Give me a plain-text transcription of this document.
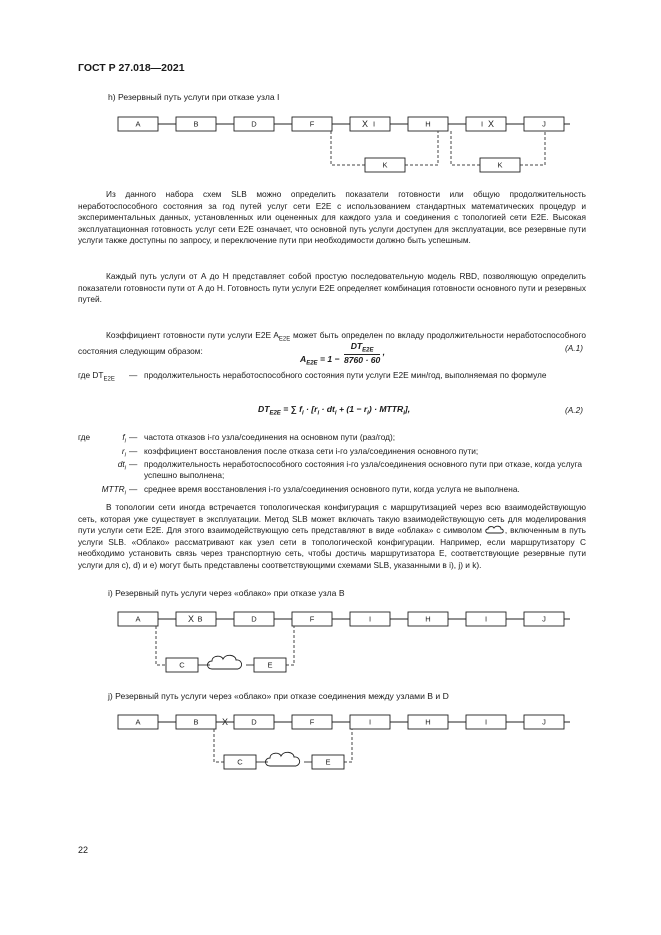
ГОСТ Р 27.018—2021
h) Резервный путь услуги при отказе узла I
A	B	D	F	I
X	H	I X	J
K	K

Из данного набора схем SLB можно определить показатели готовности или общую продолжительность неработоспособного состояния за год путей услуг сети E2E с использованием стандартных математических процедур и экспериментальных данных, установленных или оцененных для каждого узла и соединения с топологией сети E2E. Высокая эксплуатационная готовность услуг сети E2E означает, что основной путь услуги доступен для эксплуатации, все резервные пути услуги также доступны по запросу, и переключение пути при необходимости должно быть успешным.

Каждый путь услуги от A до H представляет собой простую последовательную модель RBD, позволяющую определить показатели готовности пути от A до H. Готовность пути услуги E2E определяет комбинация готовности основного пути и резервных путей.

Коэффициент готовности пути услуги E2E $A_{E2E}$ может быть определен по вкладу продолжительности неработоспособного состояния следующим образом:

$A_{E2E} = 1$ −
$DT_{E2E}$
8760 · 60
,	(A.1)
где $DT_{E2E}$	— продолжительность неработоспособного состояния пути услуги E2E мин/год, выполняемая по формуле
$DT_{E2E}$ = ∑ $f_i \cdot [r_i \cdot dt_i + (1 - r_i)$ · $MTTR_i$],	(A.2)
где	$f_i$ — частота отказов i-го узла/соединения на основном пути (раз/год);
$r_i$ — коэффициент восстановления после отказа сети i-го узла/соединения основного пути;
$dt_i$ — продолжительность неработоспособного состояния i-го узла/соединения основного пути при отказе, когда услуга успешно выполнена;
$MTTR_i$ — среднее время восстановления i-го узла/соединения основного пути, когда услуга не выполнена.

В топологии сети иногда встречается топологическая конфигурация с маршрутизацией через всю взаимодействующую сеть, которая уже существует в эксплуатации. Метод SLB может включать такую взаимодействующую сеть для моделирования пути услуги сети E2E. Для этого взаимодействующую сеть представляют в виде «облака» с символом	, включенным в путь услуги SLB. «Облако» рассматривают как узел сети в топологической конфигурации. Например, если маршрутизатору C необходимо установить связь через транспортную сеть, чтобы достичь маршрутизатора E, соответствующие резервные пути услуги для c), d) и e) могут быть представлены соответствующими схемами SLB, указанными в i), j) и k).

i) Резервный путь услуги через «облако» при отказе узла B
A	B
X	D	F	I	H	I	J
C	E
j) Резервный путь услуги через «облако» при отказе соединения между узлами B и D
A	B	D	F	I	H	I	J
X
C	E
22
